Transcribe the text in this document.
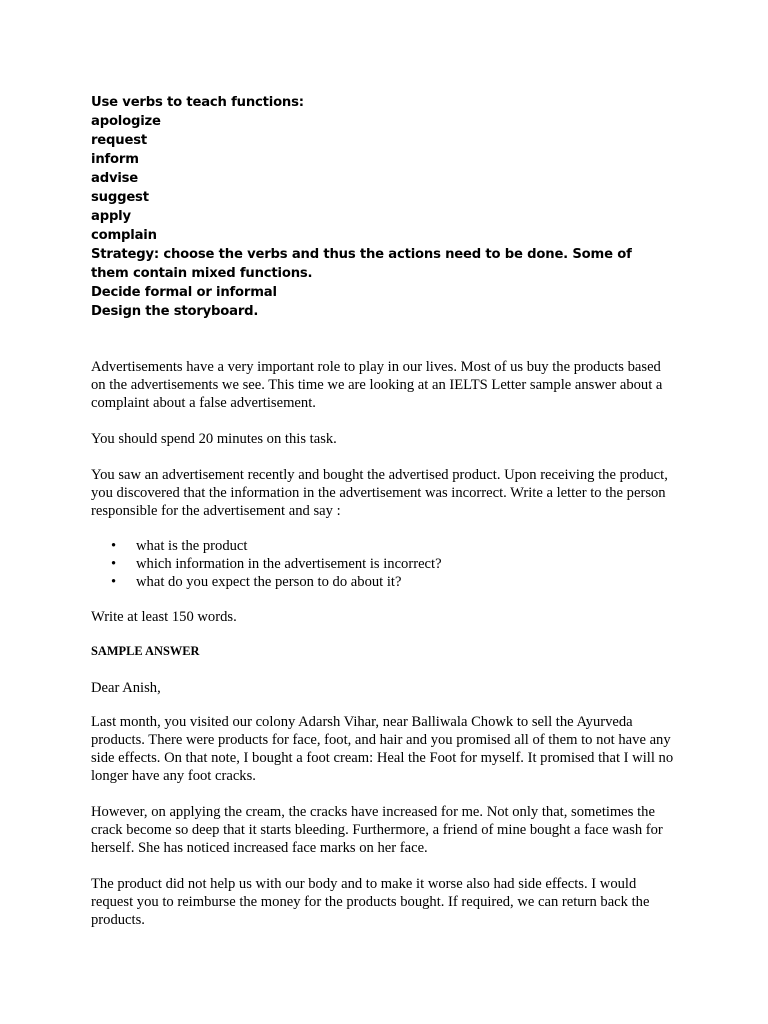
Use verbs to teach functions:
apologize
request
inform
advise
suggest
apply
complain
Strategy: choose the verbs and thus the actions need to be done. Some of them contain mixed functions.
Decide formal or informal
Design the storyboard.

Advertisements have a very important role to play in our lives. Most of us buy the products based on the advertisements we see. This time we are looking at an IELTS Letter sample answer about a complaint about a false advertisement.

You should spend 20 minutes on this task.

You saw an advertisement recently and bought the advertised product. Upon receiving the product, you discovered that the information in the advertisement was incorrect. Write a letter to the person responsible for the advertisement and say :

• what is the product
• which information in the advertisement is incorrect?
• what do you expect the person to do about it?

Write at least 150 words.

SAMPLE ANSWER

Dear Anish,

Last month, you visited our colony Adarsh Vihar, near Balliwala Chowk to sell the Ayurveda products. There were products for face, foot, and hair and you promised all of them to not have any side effects. On that note, I bought a foot cream: Heal the Foot for myself. It promised that I will no longer have any foot cracks.

However, on applying the cream, the cracks have increased for me. Not only that, sometimes the crack become so deep that it starts bleeding. Furthermore, a friend of mine bought a face wash for herself. She has noticed increased face marks on her face.

The product did not help us with our body and to make it worse also had side effects. I would request you to reimburse the money for the products bought. If required, we can return back the products.
